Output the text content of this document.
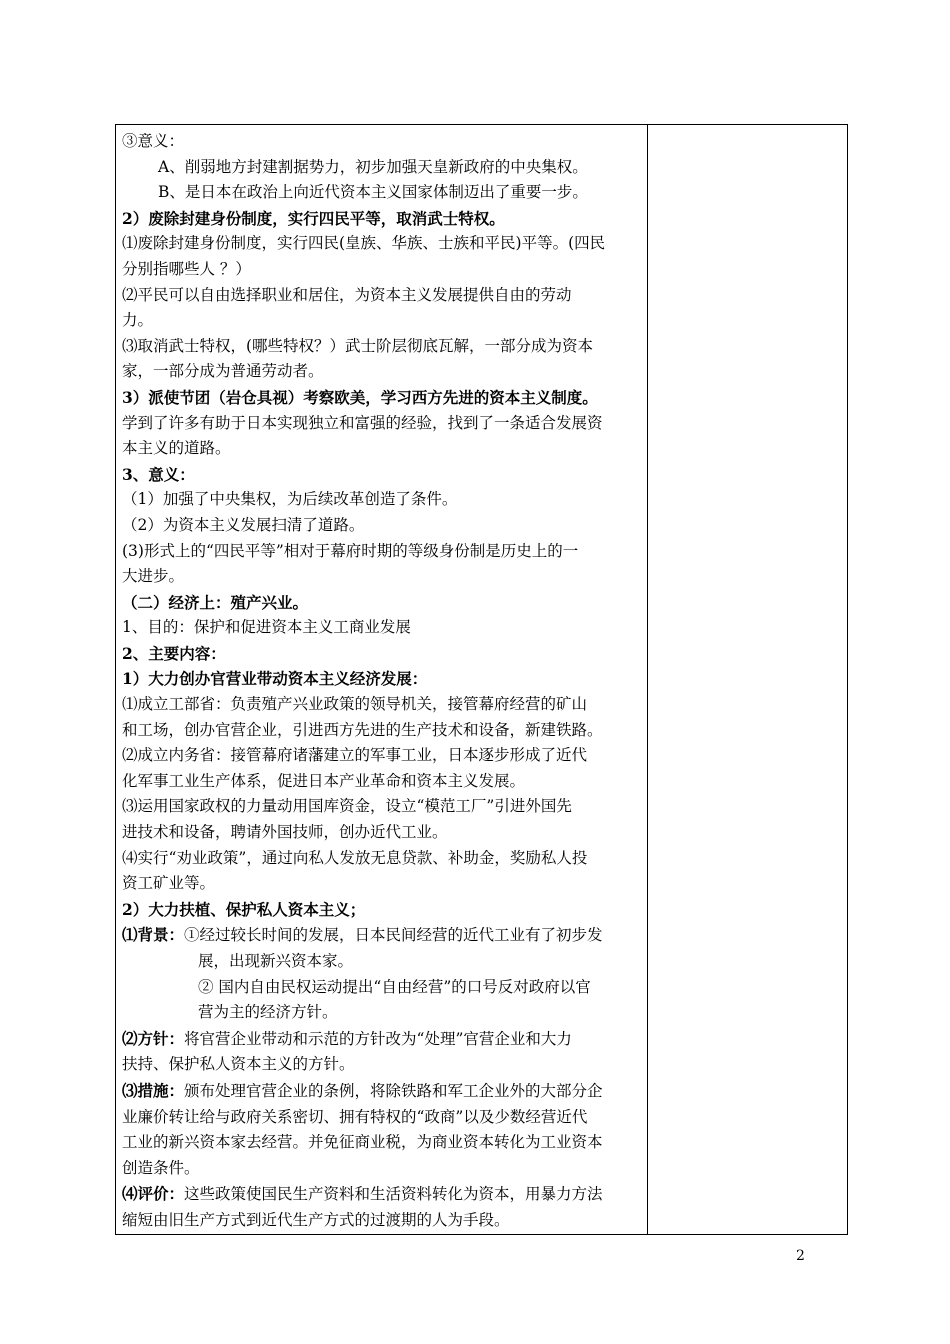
③意义：
A、削弱地方封建割据势力，初步加强天皇新政府的中央集权。
B、是日本在政治上向近代资本主义国家体制迈出了重要一步。
2）废除封建身份制度，实行四民平等，取消武士特权。
⑴废除封建身份制度，实行四民(皇族、华族、士族和平民)平等。(四民
分别指哪些人 ？）
⑵平民可以自由选择职业和居住，为资本主义发展提供自由的劳动
力。
⑶取消武士特权，(哪些特权？）武士阶层彻底瓦解，一部分成为资本
家，一部分成为普通劳动者。
3）派使节团（岩仓具视）考察欧美，学习西方先进的资本主义制度。
学到了许多有助于日本实现独立和富强的经验，找到了一条适合发展资
本主义的道路。
3、意义：
（1）加强了中央集权，为后续改革创造了条件。
（2）为资本主义发展扫清了道路。
(3)形式上的“四民平等”相对于幕府时期的等级身份制是历史上的一
大进步。
（二）经济上：殖产兴业。
1、目的：保护和促进资本主义工商业发展
2、主要内容：
1）大力创办官营业带动资本主义经济发展：
⑴成立工部省：负责殖产兴业政策的领导机关，接管幕府经营的矿山
和工场，创办官营企业，引进西方先进的生产技术和设备，新建铁路。
⑵成立内务省：接管幕府诸藩建立的军事工业，日本逐步形成了近代
化军事工业生产体系，促进日本产业革命和资本主义发展。
⑶运用国家政权的力量动用国库资金，设立“模范工厂”引进外国先
进技术和设备，聘请外国技师，创办近代工业。
⑷实行“劝业政策”，通过向私人发放无息贷款、补助金，奖励私人投
资工矿业等。
2）大力扶植、保护私人资本主义；
⑴背景：①经过较长时间的发展，日本民间经营的近代工业有了初步发
展，出现新兴资本家。
② 国内自由民权运动提出“自由经营”的口号反对政府以官
营为主的经济方针。
⑵方针：将官营企业带动和示范的方针改为“处理”官营企业和大力
扶持、保护私人资本主义的方针。
⑶措施：颁布处理官营企业的条例，将除铁路和军工企业外的大部分企
业廉价转让给与政府关系密切、拥有特权的“政商”以及少数经营近代
工业的新兴资本家去经营。并免征商业税，为商业资本转化为工业资本
创造条件。
⑷评价：这些政策使国民生产资料和生活资料转化为资本，用暴力方法
缩短由旧生产方式到近代生产方式的过渡期的人为手段。

2
